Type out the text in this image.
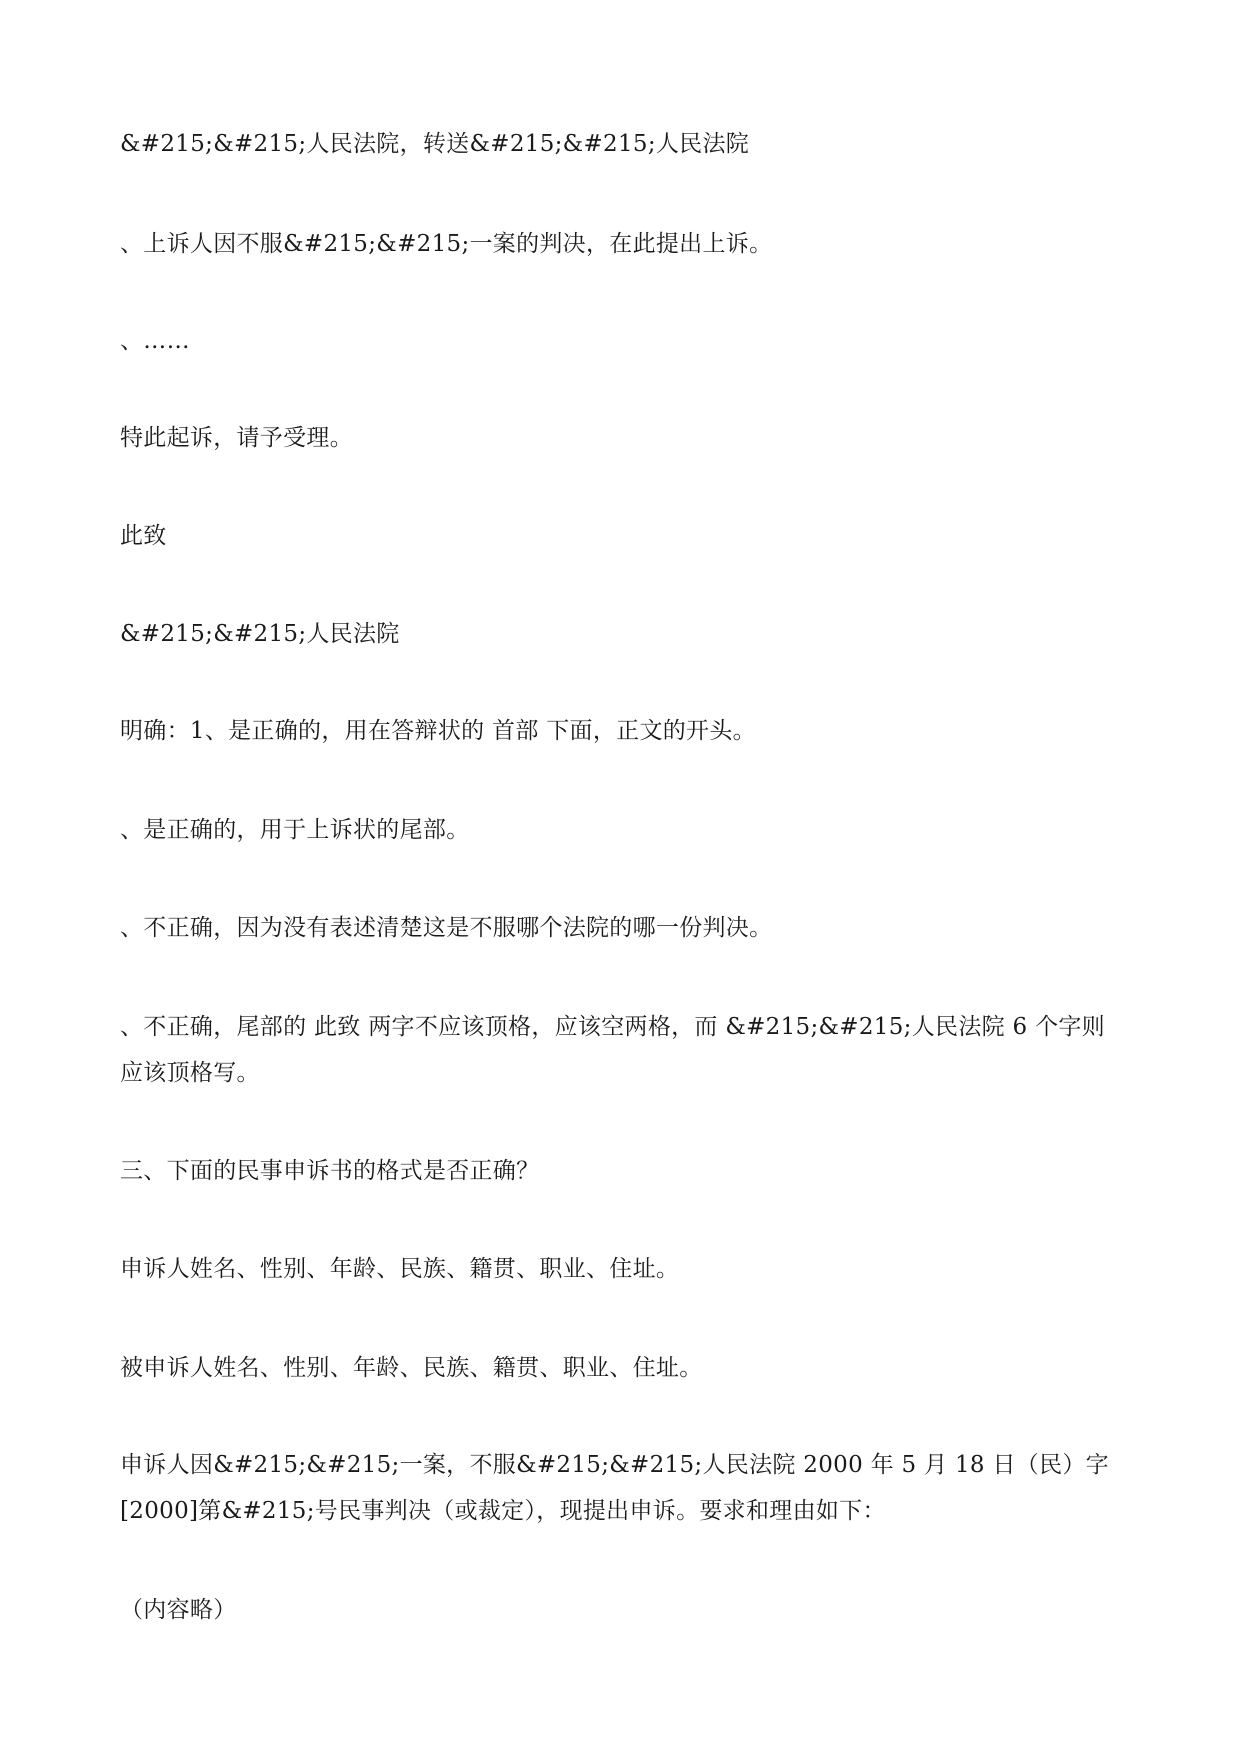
&#215;&#215;人民法院，转送&#215;&#215;人民法院

、上诉人因不服&#215;&#215;一案的判决，在此提出上诉。

、……

特此起诉，请予受理。

此致

&#215;&#215;人民法院

明确：1、是正确的，用在答辩状的 首部 下面，正文的开头。

、是正确的，用于上诉状的尾部。

、不正确，因为没有表述清楚这是不服哪个法院的哪一份判决。

、不正确，尾部的 此致 两字不应该顶格，应该空两格，而 &#215;&#215;人民法院 6 个字则应该顶格写。

三、下面的民事申诉书的格式是否正确？

申诉人姓名、性别、年龄、民族、籍贯、职业、住址。

被申诉人姓名、性别、年龄、民族、籍贯、职业、住址。

申诉人因&#215;&#215;一案，不服&#215;&#215;人民法院 2000 年 5 月 18 日（民）字[2000]第&#215;号民事判决（或裁定），现提出申诉。要求和理由如下：

（内容略）
